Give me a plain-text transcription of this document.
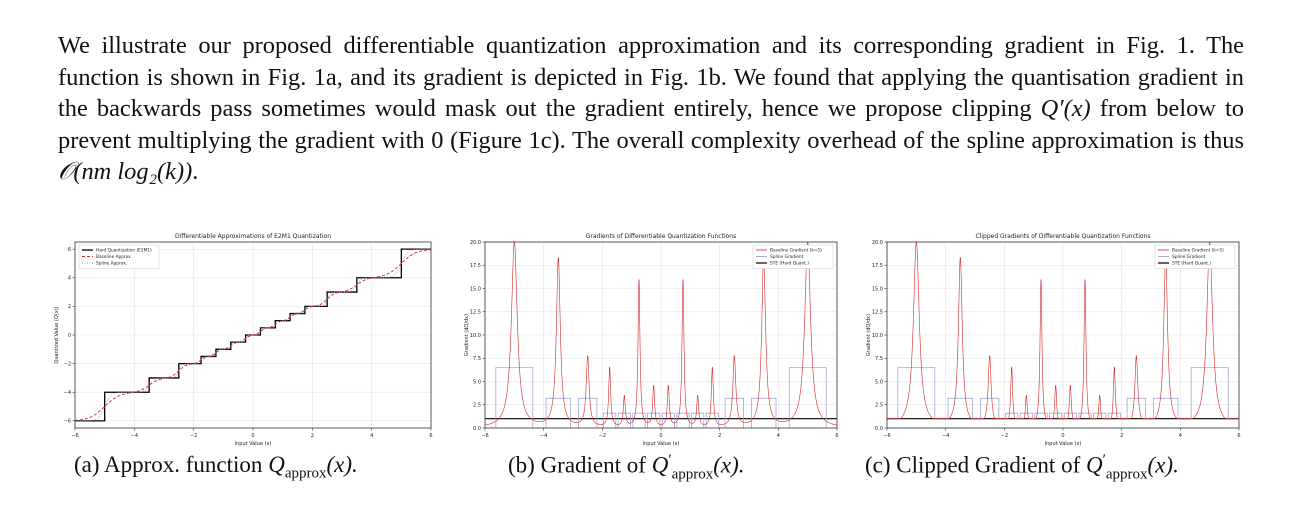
We illustrate our proposed differentiable quantization approximation and its corresponding gradient in Fig. 1. The function is shown in Fig. 1a, and its gradient is depicted in Fig. 1b. We found that applying the quantisation gradient in the backwards pass sometimes would mask out the gradient entirely, hence we propose clipping Q′(x) from below to prevent multiplying the gradient with 0 (Figure 1c). The overall complexity overhead of the spline approximation is thus 𝒪(nm log₂(k)).

−6	−4	−2	0	2	4	6
−6
−4
−2
0
2
4
6
Differentiable Approximations of E2M1 Quantization
Input Value (x)
Quantized Value (Q(x))
Hard Quantization (E2M1)
Baseline Approx.
Spline Approx.
−6	−4	−2	0	2	4	6
0.0
2.5
5.0
7.5
10.0
12.5
15.0
17.5
20.0
Gradients of Differentiable Quantization Functions
Input Value (x)
Gradient (dQ/dx)
Baseline Gradient (k=5)
Spline Gradient
STE (Hard Quant.)
−6	−4	−2	0	2	4	6
0.0
2.5
5.0
7.5
10.0
12.5
15.0
17.5
20.0
Clipped Gradients of Differentiable Quantization Functions
Input Value (x)
Gradient (dQ/dx)
Baseline Gradient (k=5)
Spline Gradient
STE (Hard Quant.)
(a) Approx. function $Q_{approx}(x)$.	(b) Gradient of $Q'_{approx}(x)$.	(c) Clipped Gradient of $Q'_{approx}(x)$.
